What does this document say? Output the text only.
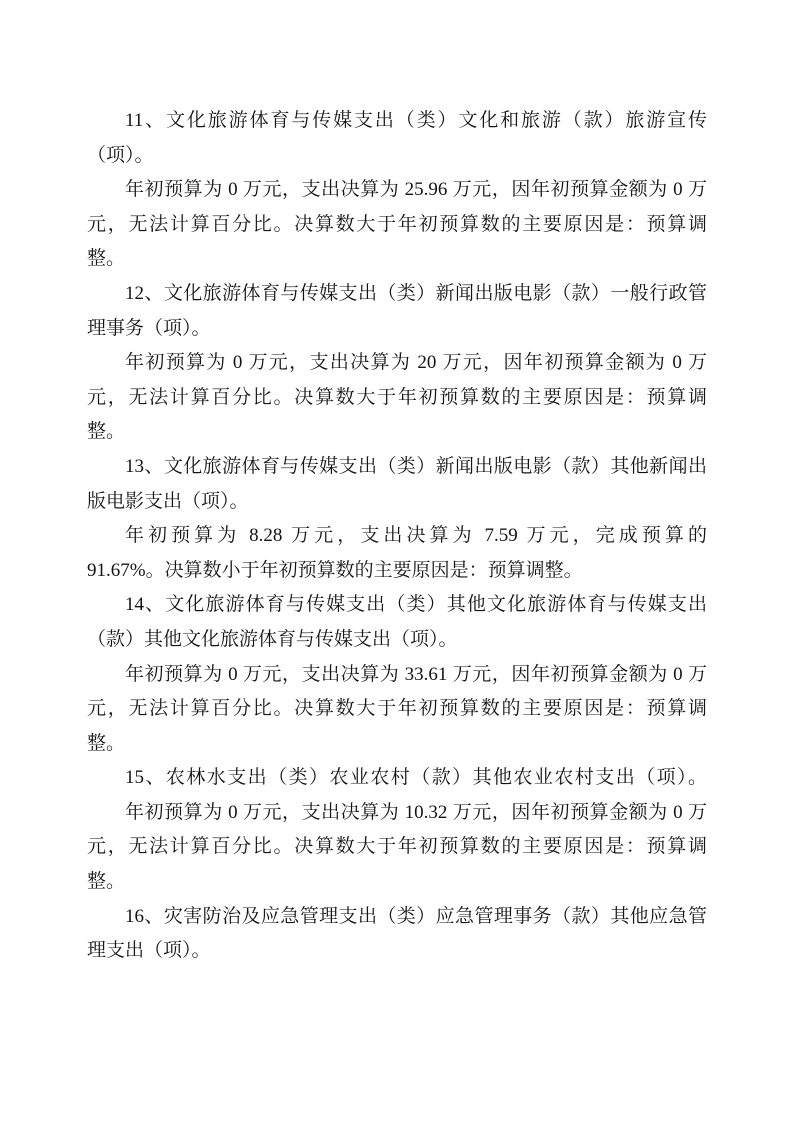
11、文化旅游体育与传媒支出（类）文化和旅游（款）旅游宣传
（项）。
年初预算为 0 万元，支出决算为 25.96 万元，因年初预算金额为 0 万
元，无法计算百分比。决算数大于年初预算数的主要原因是：预算调
整。
12、文化旅游体育与传媒支出（类）新闻出版电影（款）一般行政管
理事务（项）。
年初预算为 0 万元，支出决算为 20 万元，因年初预算金额为 0 万
元，无法计算百分比。决算数大于年初预算数的主要原因是：预算调
整。
13、文化旅游体育与传媒支出（类）新闻出版电影（款）其他新闻出
版电影支出（项）。
年初预算为 8.28 万元，支出决算为 7.59 万元，完成预算的
91.67%。决算数小于年初预算数的主要原因是：预算调整。
14、文化旅游体育与传媒支出（类）其他文化旅游体育与传媒支出
（款）其他文化旅游体育与传媒支出（项）。
年初预算为 0 万元，支出决算为 33.61 万元，因年初预算金额为 0 万
元，无法计算百分比。决算数大于年初预算数的主要原因是：预算调
整。
15、农林水支出（类）农业农村（款）其他农业农村支出（项）。
年初预算为 0 万元，支出决算为 10.32 万元，因年初预算金额为 0 万
元，无法计算百分比。决算数大于年初预算数的主要原因是：预算调
整。
16、灾害防治及应急管理支出（类）应急管理事务（款）其他应急管
理支出（项）。
